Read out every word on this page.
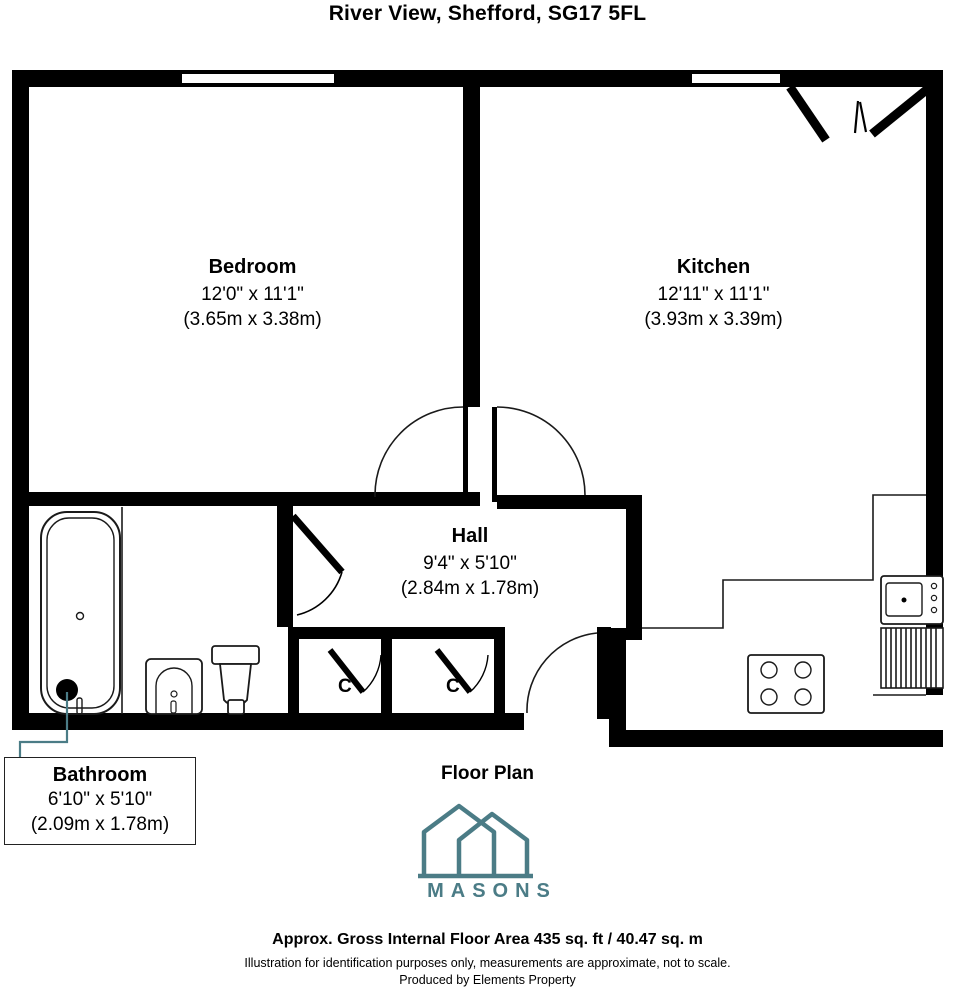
River View, Shefford, SG17 5FL
Bedroom
12'0" x 11'1"
(3.65m x 3.38m)
Kitchen
12'11" x 11'1"
(3.93m x 3.39m)
Hall
9'4" x 5'10"
(2.84m x 1.78m)
Bathroom
6'10" x 5'10"
(2.09m x 1.78m)
C	C
Floor Plan
MASONS
Approx. Gross Internal Floor Area 435 sq. ft / 40.47 sq. m
Illustration for identification purposes only, measurements are approximate, not to scale.
Produced by Elements Property
